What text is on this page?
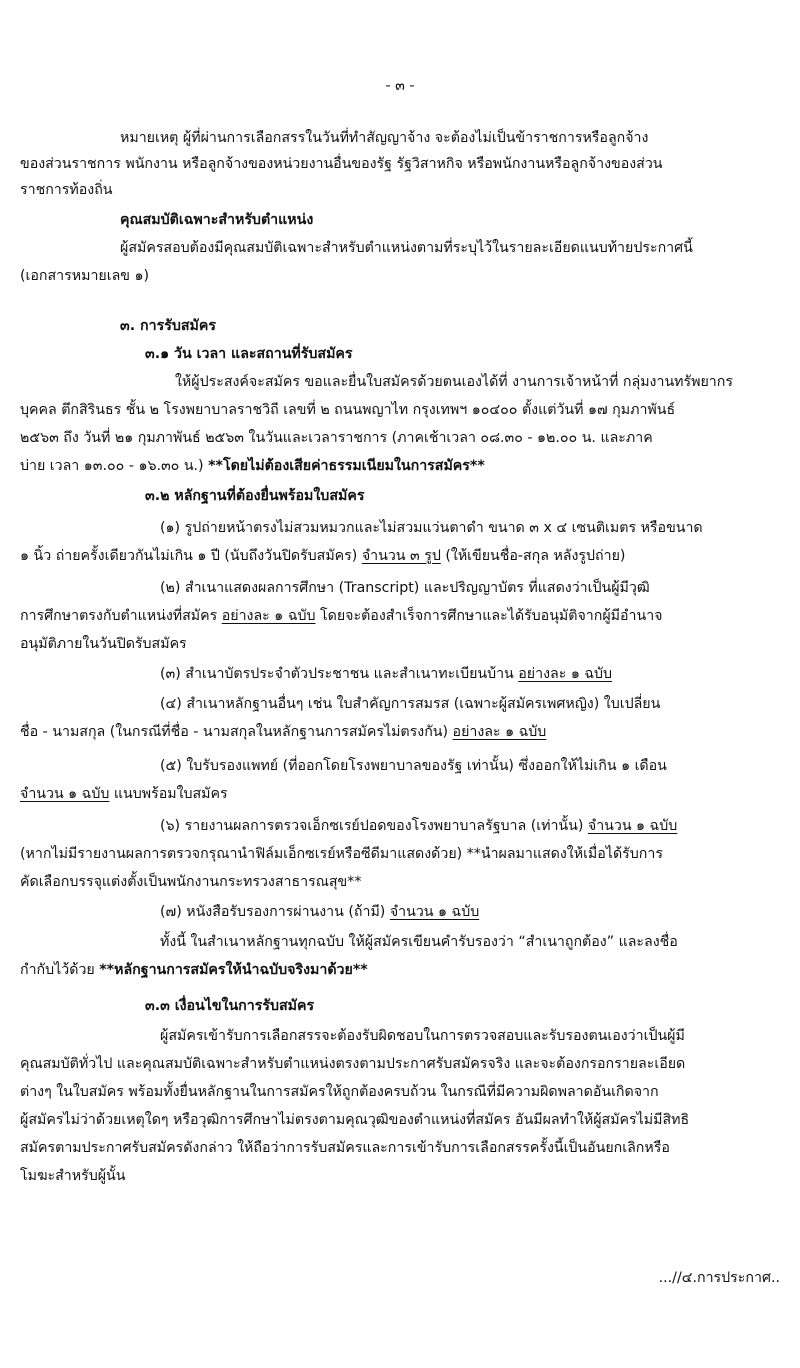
- ๓ -
หมายเหตุ ผู้ที่ผ่านการเลือกสรรในวันที่ทำสัญญาจ้าง จะต้องไม่เป็นข้าราชการหรือลูกจ้าง
ของส่วนราชการ พนักงาน หรือลูกจ้างของหน่วยงานอื่นของรัฐ รัฐวิสาหกิจ หรือพนักงานหรือลูกจ้างของส่วน
ราชการท้องถิ่น
คุณสมบัติเฉพาะสำหรับตำแหน่ง
ผู้สมัครสอบต้องมีคุณสมบัติเฉพาะสำหรับตำแหน่งตามที่ระบุไว้ในรายละเอียดแนบท้ายประกาศนี้
(เอกสารหมายเลข ๑)
๓. การรับสมัคร
๓.๑ วัน เวลา และสถานที่รับสมัคร
ให้ผู้ประสงค์จะสมัคร ขอและยื่นใบสมัครด้วยตนเองได้ที่ งานการเจ้าหน้าที่ กลุ่มงานทรัพยากร
บุคคล ตึกสิรินธร ชั้น ๒ โรงพยาบาลราชวิถี เลขที่ ๒ ถนนพญาไท กรุงเทพฯ ๑๐๔๐๐ ตั้งแต่วันที่ ๑๗ กุมภาพันธ์
๒๕๖๓ ถึง วันที่ ๒๑ กุมภาพันธ์ ๒๕๖๓ ในวันและเวลาราชการ (ภาคเช้าเวลา ๐๘.๓๐ - ๑๒.๐๐ น. และภาค
บ่าย เวลา ๑๓.๐๐ - ๑๖.๓๐ น.) **โดยไม่ต้องเสียค่าธรรมเนียมในการสมัคร**
๓.๒ หลักฐานที่ต้องยื่นพร้อมใบสมัคร
(๑) รูปถ่ายหน้าตรงไม่สวมหมวกและไม่สวมแว่นตาดำ ขนาด ๓ x ๔ เซนติเมตร หรือขนาด
๑ นิ้ว ถ่ายครั้งเดียวกันไม่เกิน ๑ ปี (นับถึงวันปิดรับสมัคร) จำนวน ๓ รูป (ให้เขียนชื่อ-สกุล หลังรูปถ่าย)
(๒) สำเนาแสดงผลการศึกษา (Transcript) และปริญญาบัตร ที่แสดงว่าเป็นผู้มีวุฒิ
การศึกษาตรงกับตำแหน่งที่สมัคร อย่างละ ๑ ฉบับ โดยจะต้องสำเร็จการศึกษาและได้รับอนุมัติจากผู้มีอำนาจ
อนุมัติภายในวันปิดรับสมัคร
(๓) สำเนาบัตรประจำตัวประชาชน และสำเนาทะเบียนบ้าน อย่างละ ๑ ฉบับ
(๔) สำเนาหลักฐานอื่นๆ เช่น ใบสำคัญการสมรส (เฉพาะผู้สมัครเพศหญิง) ใบเปลี่ยน
ชื่อ - นามสกุล (ในกรณีที่ชื่อ - นามสกุลในหลักฐานการสมัครไม่ตรงกัน) อย่างละ ๑ ฉบับ
(๕) ใบรับรองแพทย์ (ที่ออกโดยโรงพยาบาลของรัฐ เท่านั้น) ซึ่งออกให้ไม่เกิน ๑ เดือน
จำนวน ๑ ฉบับ แนบพร้อมใบสมัคร
(๖) รายงานผลการตรวจเอ็กซเรย์ปอดของโรงพยาบาลรัฐบาล (เท่านั้น) จำนวน ๑ ฉบับ
(หากไม่มีรายงานผลการตรวจกรุณานำฟิล์มเอ็กซเรย์หรือซีดีมาแสดงด้วย) **นำผลมาแสดงให้เมื่อได้รับการ
คัดเลือกบรรจุแต่งตั้งเป็นพนักงานกระทรวงสาธารณสุข**
(๗) หนังสือรับรองการผ่านงาน (ถ้ามี) จำนวน ๑ ฉบับ
ทั้งนี้ ในสำเนาหลักฐานทุกฉบับ ให้ผู้สมัครเขียนคำรับรองว่า “สำเนาถูกต้อง” และลงชื่อ
กำกับไว้ด้วย **หลักฐานการสมัครให้นำฉบับจริงมาด้วย**
๓.๓ เงื่อนไขในการรับสมัคร
ผู้สมัครเข้ารับการเลือกสรรจะต้องรับผิดชอบในการตรวจสอบและรับรองตนเองว่าเป็นผู้มี
คุณสมบัติทั่วไป และคุณสมบัติเฉพาะสำหรับตำแหน่งตรงตามประกาศรับสมัครจริง และจะต้องกรอกรายละเอียด
ต่างๆ ในใบสมัคร พร้อมทั้งยื่นหลักฐานในการสมัครให้ถูกต้องครบถ้วน ในกรณีที่มีความผิดพลาดอันเกิดจาก
ผู้สมัครไม่ว่าด้วยเหตุใดๆ หรือวุฒิการศึกษาไม่ตรงตามคุณวุฒิของตำแหน่งที่สมัคร อันมีผลทำให้ผู้สมัครไม่มีสิทธิ
สมัครตามประกาศรับสมัครดังกล่าว ให้ถือว่าการรับสมัครและการเข้ารับการเลือกสรรครั้งนี้เป็นอันยกเลิกหรือ
โมฆะสำหรับผู้นั้น
...//๔.การประกาศ..
